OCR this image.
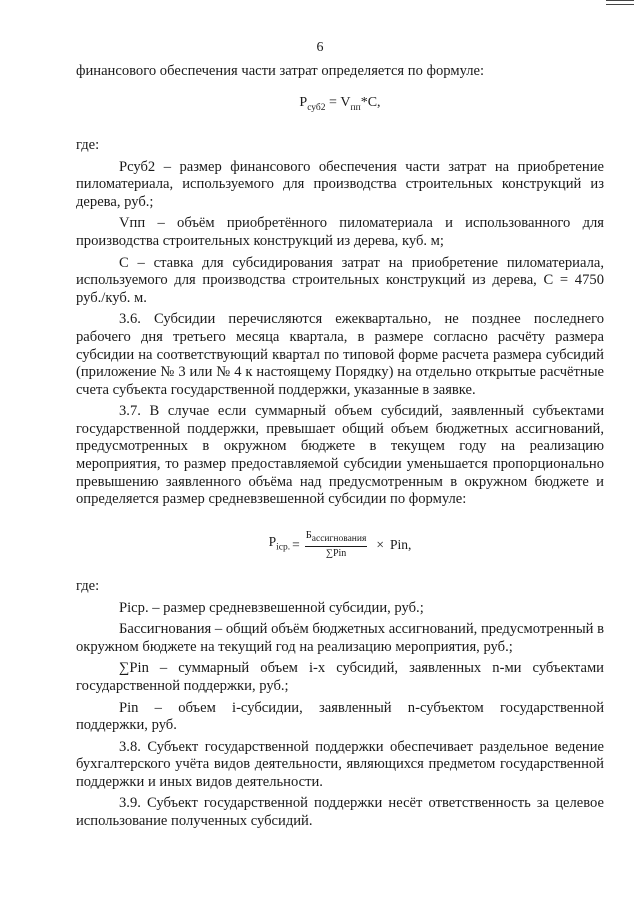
6

финансового обеспечения части затрат определяется по формуле:

$P_{суб2} = V_{пп}*С$,

где:

Pсуб2 – размер финансового обеспечения части затрат на приобретение пиломатериала, используемого для производства строительных конструкций из дерева, руб.;

Vпп – объём приобретённого пиломатериала и использованного для производства строительных конструкций из дерева, куб. м;

С – ставка для субсидирования затрат на приобретение пиломатериала, используемого для производства строительных конструкций из дерева, С = 4750 руб./куб. м.

3.6. Субсидии перечисляются ежеквартально, не позднее последнего рабочего дня третьего месяца квартала, в размере согласно расчёту размера субсидии на соответствующий квартал по типовой форме расчета размера субсидий (приложение № 3 или № 4 к настоящему Порядку) на отдельно открытые расчётные счета субъекта государственной поддержки, указанные в заявке.

3.7. В случае если суммарный объем субсидий, заявленный субъектами государственной поддержки, превышает общий объем бюджетных ассигнований, предусмотренных в окружном бюджете в текущем году на реализацию мероприятия, то размер предоставляемой субсидии уменьшается пропорционально превышению заявленного объёма над предусмотренным в окружном бюджете и определяется размер средневзвешенной субсидии по формуле:

$P_{icp.} = \frac{Б_{ассигнования}}{\text{∑Pin}}$ × Pin,

где:

Picp. – размер средневзвешенной субсидии, руб.;

Бассигнования – общий объём бюджетных ассигнований, предусмотренный в окружном бюджете на текущий год на реализацию мероприятия, руб.;

∑Pin – суммарный объем i-х субсидий, заявленных n-ми субъектами государственной поддержки, руб.;

Pin – объем i-субсидии, заявленный n-субъектом государственной поддержки, руб.

3.8. Субъект государственной поддержки обеспечивает раздельное ведение бухгалтерского учёта видов деятельности, являющихся предметом государственной поддержки и иных видов деятельности.

3.9. Субъект государственной поддержки несёт ответственность за целевое использование полученных субсидий.
